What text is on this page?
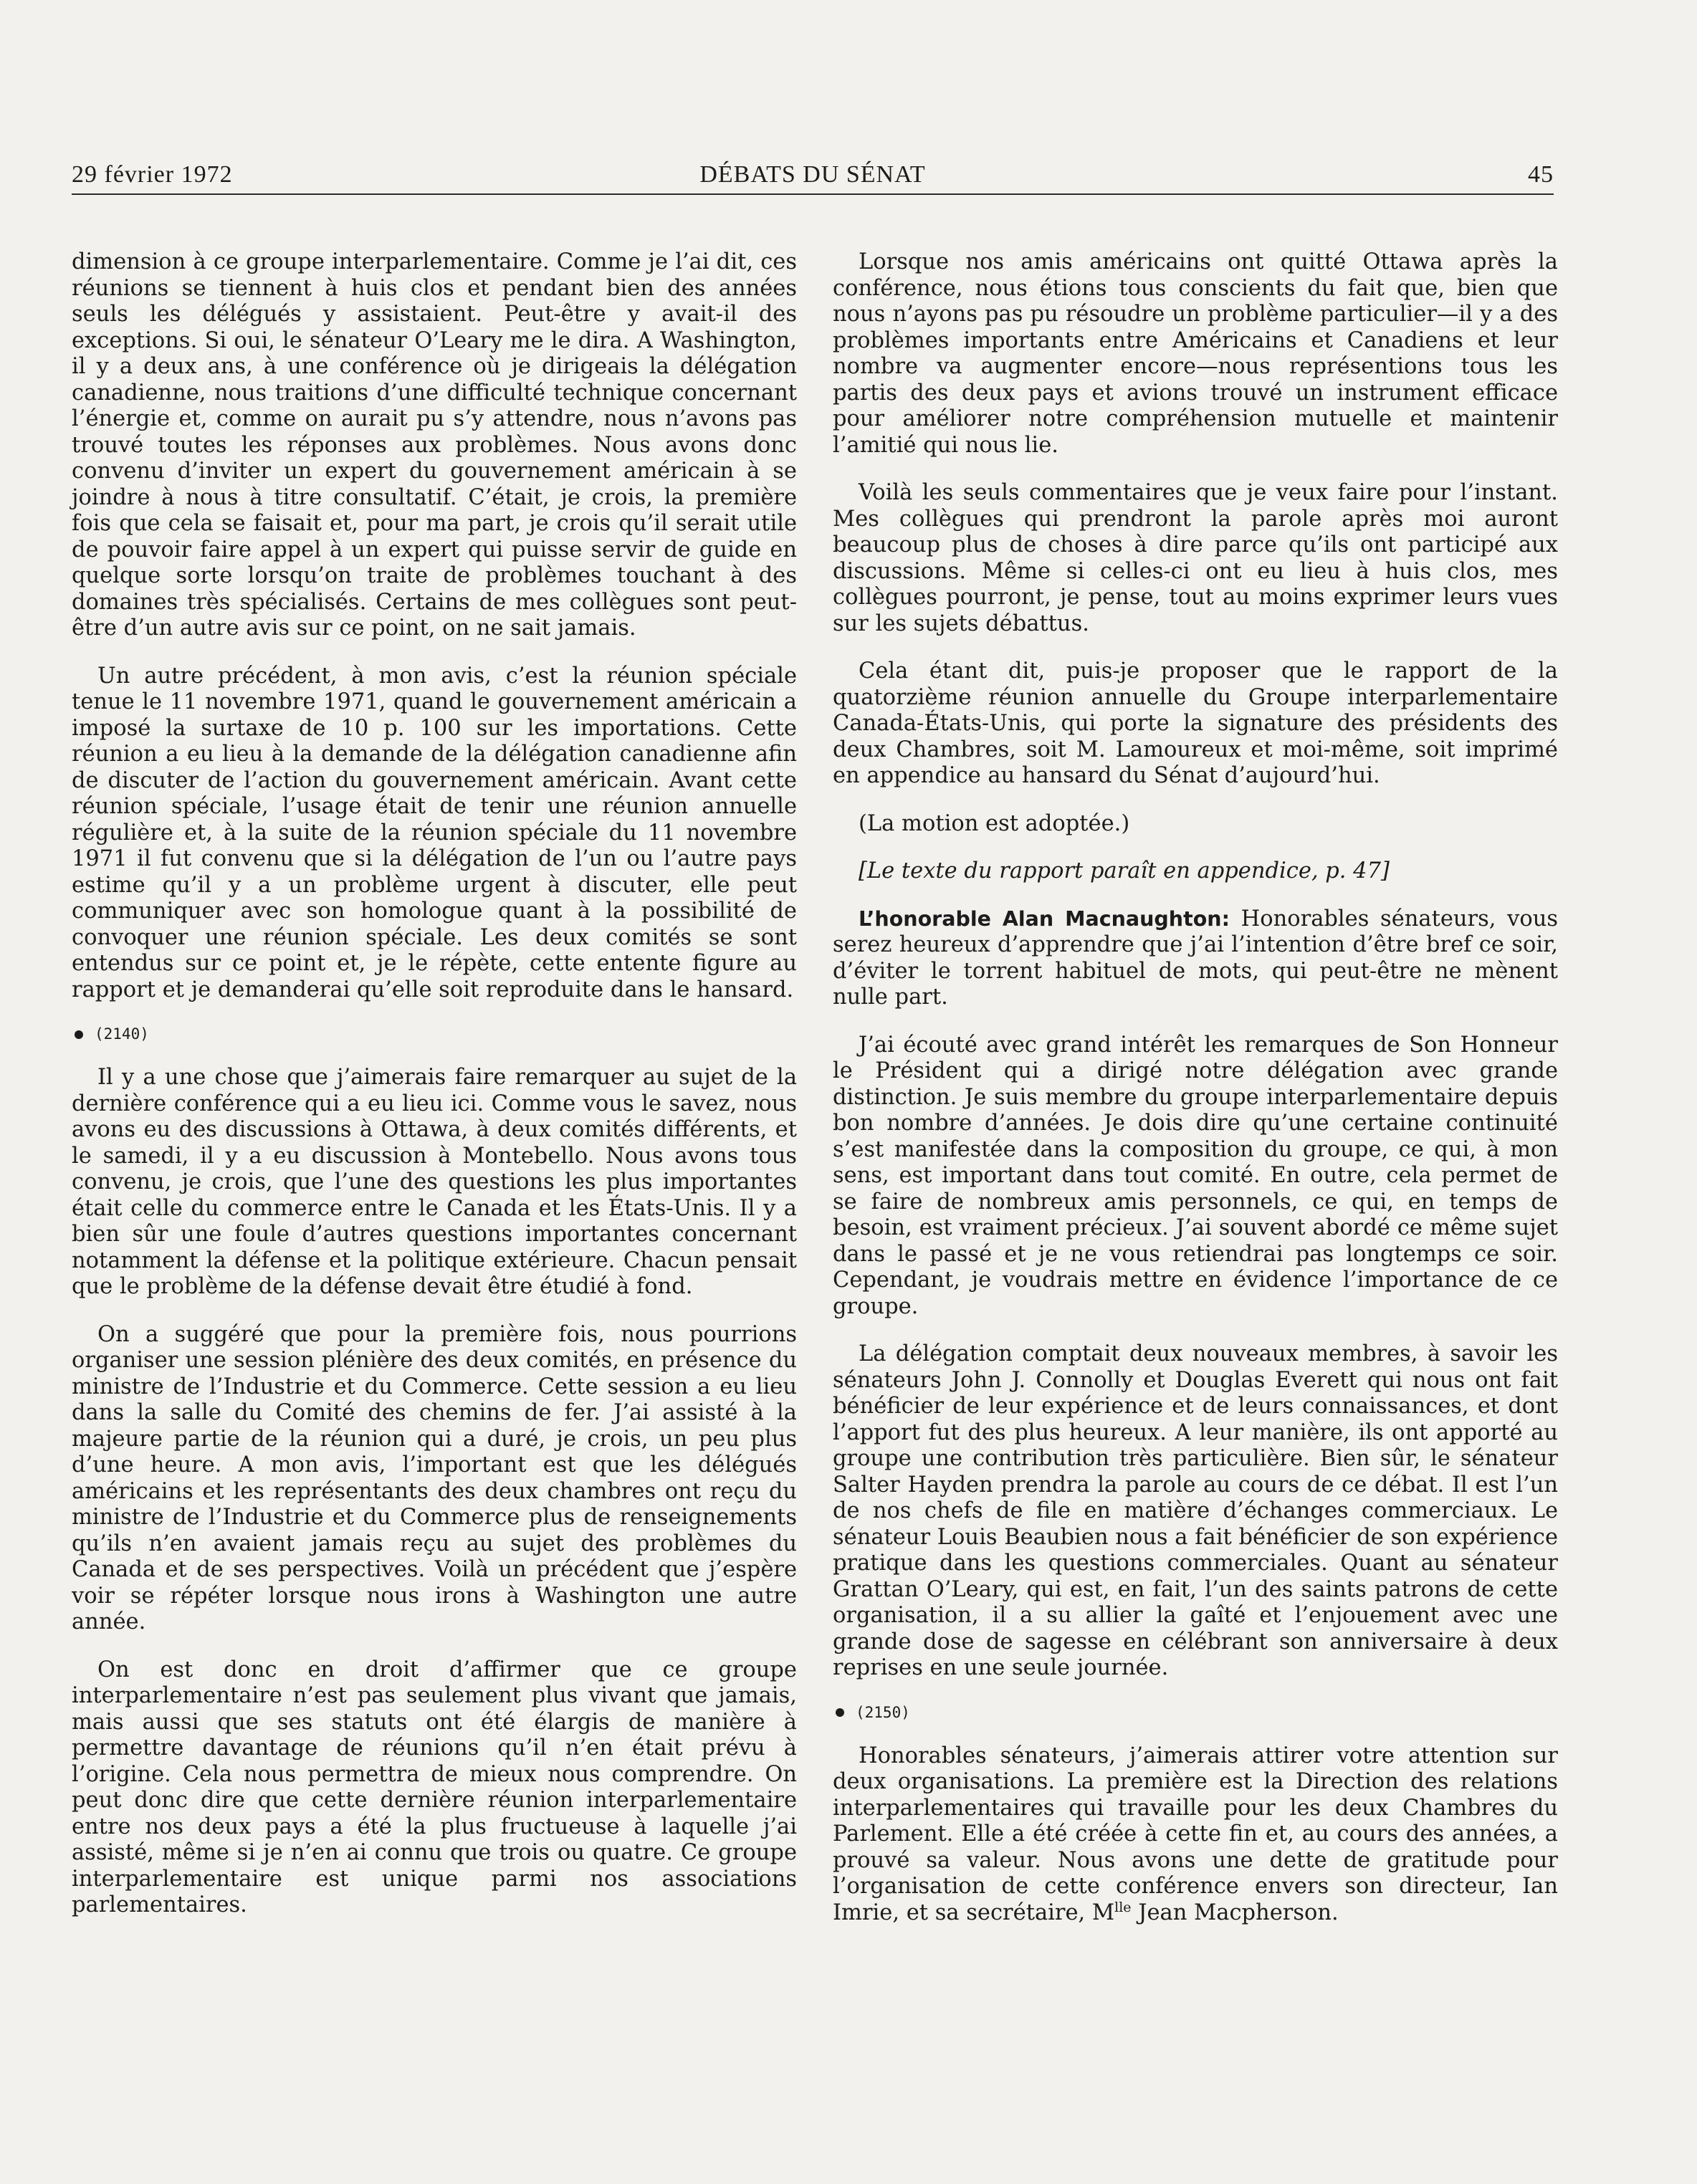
29 février 1972	DÉBATS DU SÉNAT	45

dimension à ce groupe interparlementaire. Comme je l’ai dit, ces réunions se tiennent à huis clos et pendant bien des années seuls les délégués y assistaient. Peut-être y avait-il des exceptions. Si oui, le sénateur O’Leary me le dira. A Washington, il y a deux ans, à une conférence où je dirigeais la délégation canadienne, nous traitions d’une difficulté technique concernant l’énergie et, comme on aurait pu s’y attendre, nous n’avons pas trouvé toutes les réponses aux problèmes. Nous avons donc convenu d’inviter un expert du gouvernement américain à se joindre à nous à titre consultatif. C’était, je crois, la première fois que cela se faisait et, pour ma part, je crois qu’il serait utile de pouvoir faire appel à un expert qui puisse servir de guide en quelque sorte lorsqu’on traite de problèmes touchant à des domaines très spécialisés. Certains de mes collègues sont peut-être d’un autre avis sur ce point, on ne sait jamais.

Un autre précédent, à mon avis, c’est la réunion spéciale tenue le 11 novembre 1971, quand le gouvernement américain a imposé la surtaxe de 10 p. 100 sur les importations. Cette réunion a eu lieu à la demande de la délégation canadienne afin de discuter de l’action du gouvernement américain. Avant cette réunion spéciale, l’usage était de tenir une réunion annuelle régulière et, à la suite de la réunion spéciale du 11 novembre 1971 il fut convenu que si la délégation de l’un ou l’autre pays estime qu’il y a un problème urgent à discuter, elle peut communiquer avec son homologue quant à la possibilité de convoquer une réunion spéciale. Les deux comités se sont entendus sur ce point et, je le répète, cette entente figure au rapport et je demanderai qu’elle soit reproduite dans le hansard.

(2140)

Il y a une chose que j’aimerais faire remarquer au sujet de la dernière conférence qui a eu lieu ici. Comme vous le savez, nous avons eu des discussions à Ottawa, à deux comités différents, et le samedi, il y a eu discussion à Montebello. Nous avons tous convenu, je crois, que l’une des questions les plus importantes était celle du commerce entre le Canada et les États-Unis. Il y a bien sûr une foule d’autres questions importantes concernant notamment la défense et la politique extérieure. Chacun pensait que le problème de la défense devait être étudié à fond.

On a suggéré que pour la première fois, nous pourrions organiser une session plénière des deux comités, en présence du ministre de l’Industrie et du Commerce. Cette session a eu lieu dans la salle du Comité des chemins de fer. J’ai assisté à la majeure partie de la réunion qui a duré, je crois, un peu plus d’une heure. A mon avis, l’important est que les délégués américains et les représentants des deux chambres ont reçu du ministre de l’Industrie et du Commerce plus de renseignements qu’ils n’en avaient jamais reçu au sujet des problèmes du Canada et de ses perspectives. Voilà un précédent que j’espère voir se répéter lorsque nous irons à Washington une autre année.

On est donc en droit d’affirmer que ce groupe interparlementaire n’est pas seulement plus vivant que jamais, mais aussi que ses statuts ont été élargis de manière à permettre davantage de réunions qu’il n’en était prévu à l’origine. Cela nous permettra de mieux nous comprendre. On peut donc dire que cette dernière réunion interparlementaire entre nos deux pays a été la plus fructueuse à laquelle j’ai assisté, même si je n’en ai connu que trois ou quatre. Ce groupe interparlementaire est unique parmi nos associations parlementaires.

Lorsque nos amis américains ont quitté Ottawa après la conférence, nous étions tous conscients du fait que, bien que nous n’ayons pas pu résoudre un problème particulier—il y a des problèmes importants entre Américains et Canadiens et leur nombre va augmenter encore—nous représentions tous les partis des deux pays et avions trouvé un instrument efficace pour améliorer notre compréhension mutuelle et maintenir l’amitié qui nous lie.

Voilà les seuls commentaires que je veux faire pour l’instant. Mes collègues qui prendront la parole après moi auront beaucoup plus de choses à dire parce qu’ils ont participé aux discussions. Même si celles-ci ont eu lieu à huis clos, mes collègues pourront, je pense, tout au moins exprimer leurs vues sur les sujets débattus.

Cela étant dit, puis-je proposer que le rapport de la quatorzième réunion annuelle du Groupe interparlementaire Canada-États-Unis, qui porte la signature des présidents des deux Chambres, soit M. Lamoureux et moi-même, soit imprimé en appendice au hansard du Sénat d’aujourd’hui.

(La motion est adoptée.)

[Le texte du rapport paraît en appendice, p. 47]

L’honorable Alan Macnaughton: Honorables sénateurs, vous serez heureux d’apprendre que j’ai l’intention d’être bref ce soir, d’éviter le torrent habituel de mots, qui peut-être ne mènent nulle part.

J’ai écouté avec grand intérêt les remarques de Son Honneur le Président qui a dirigé notre délégation avec grande distinction. Je suis membre du groupe interparlementaire depuis bon nombre d’années. Je dois dire qu’une certaine continuité s’est manifestée dans la composition du groupe, ce qui, à mon sens, est important dans tout comité. En outre, cela permet de se faire de nombreux amis personnels, ce qui, en temps de besoin, est vraiment précieux. J’ai souvent abordé ce même sujet dans le passé et je ne vous retiendrai pas longtemps ce soir. Cependant, je voudrais mettre en évidence l’importance de ce groupe.

La délégation comptait deux nouveaux membres, à savoir les sénateurs John J. Connolly et Douglas Everett qui nous ont fait bénéficier de leur expérience et de leurs connaissances, et dont l’apport fut des plus heureux. A leur manière, ils ont apporté au groupe une contribution très particulière. Bien sûr, le sénateur Salter Hayden prendra la parole au cours de ce débat. Il est l’un de nos chefs de file en matière d’échanges commerciaux. Le sénateur Louis Beaubien nous a fait bénéficier de son expérience pratique dans les questions commerciales. Quant au sénateur Grattan O’Leary, qui est, en fait, l’un des saints patrons de cette organisation, il a su allier la gaîté et l’enjouement avec une grande dose de sagesse en célébrant son anniversaire à deux reprises en une seule journée.

(2150)

Honorables sénateurs, j’aimerais attirer votre attention sur deux organisations. La première est la Direction des relations interparlementaires qui travaille pour les deux Chambres du Parlement. Elle a été créée à cette fin et, au cours des années, a prouvé sa valeur. Nous avons une dette de gratitude pour l’organisation de cette conférence envers son directeur, Ian Imrie, et sa secrétaire, $M^{lle}$ Jean Macpherson.
